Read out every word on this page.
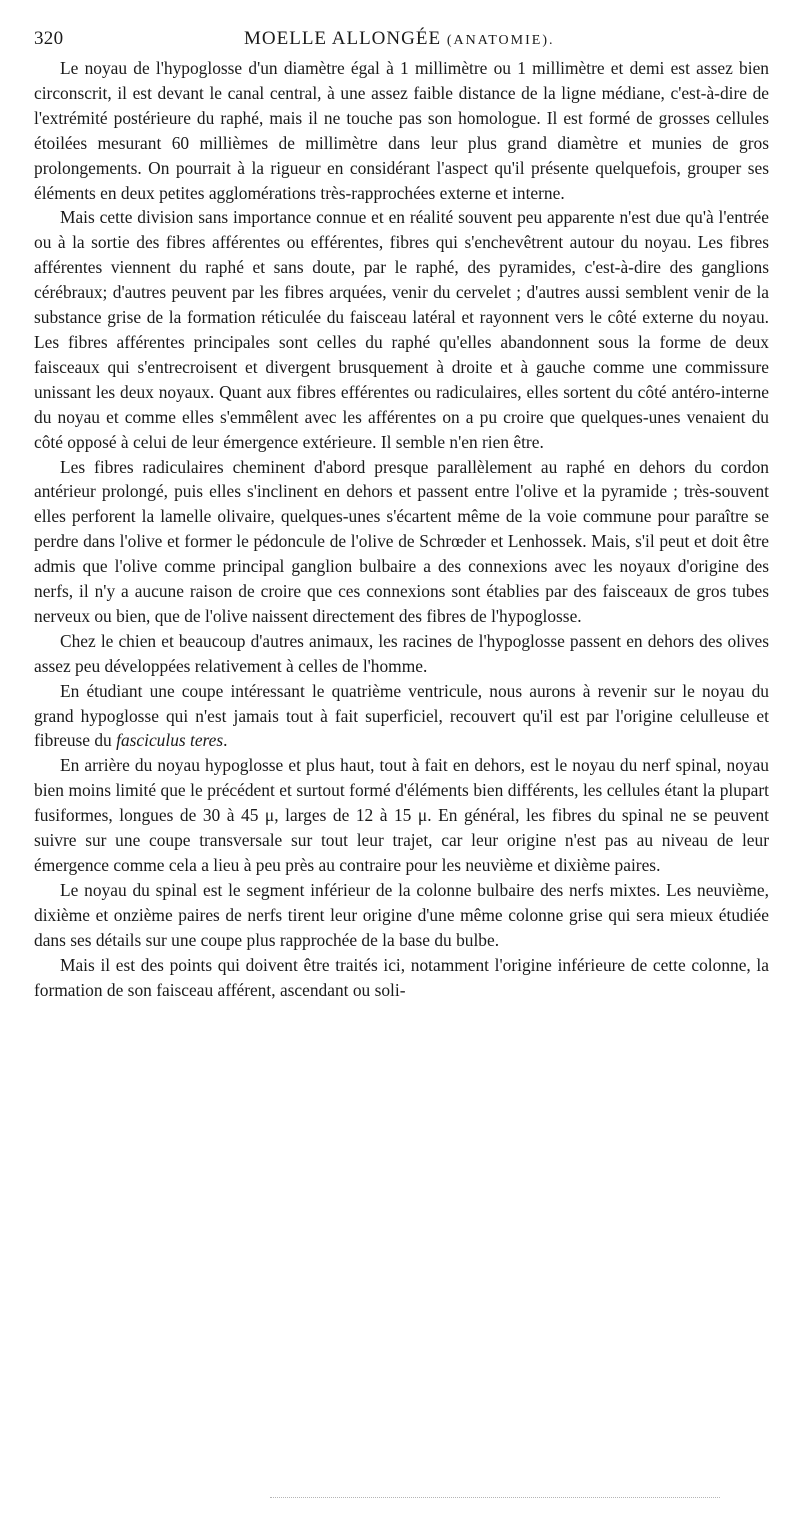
320	MOELLE ALLONGÉE (ANATOMIE).

Le noyau de l'hypoglosse d'un diamètre égal à 1 millimètre ou 1 millimètre et demi est assez bien circonscrit, il est devant le canal central, à une assez faible distance de la ligne médiane, c'est-à-dire de l'extrémité postérieure du raphé, mais il ne touche pas son homologue. Il est formé de grosses cellules étoilées mesurant 60 millièmes de millimètre dans leur plus grand diamètre et munies de gros prolongements. On pourrait à la rigueur en considérant l'aspect qu'il présente quelquefois, grouper ses éléments en deux petites agglomérations très-rapprochées externe et interne.

Mais cette division sans importance connue et en réalité souvent peu apparente n'est due qu'à l'entrée ou à la sortie des fibres afférentes ou efférentes, fibres qui s'enchevêtrent autour du noyau. Les fibres afférentes viennent du raphé et sans doute, par le raphé, des pyramides, c'est-à-dire des ganglions cérébraux; d'autres peuvent par les fibres arquées, venir du cervelet ; d'autres aussi semblent venir de la substance grise de la formation réticulée du faisceau latéral et rayonnent vers le côté externe du noyau. Les fibres afférentes principales sont celles du raphé qu'elles abandonnent sous la forme de deux faisceaux qui s'entrecroisent et divergent brusquement à droite et à gauche comme une commissure unissant les deux noyaux. Quant aux fibres efférentes ou radiculaires, elles sortent du côté antéro-interne du noyau et comme elles s'emmêlent avec les afférentes on a pu croire que quelques-unes venaient du côté opposé à celui de leur émergence extérieure. Il semble n'en rien être.

Les fibres radiculaires cheminent d'abord presque parallèlement au raphé en dehors du cordon antérieur prolongé, puis elles s'inclinent en dehors et passent entre l'olive et la pyramide ; très-souvent elles perforent la lamelle olivaire, quelques-unes s'écartent même de la voie commune pour paraître se perdre dans l'olive et former le pédoncule de l'olive de Schrœder et Lenhossek. Mais, s'il peut et doit être admis que l'olive comme principal ganglion bulbaire a des connexions avec les noyaux d'origine des nerfs, il n'y a aucune raison de croire que ces connexions sont établies par des faisceaux de gros tubes nerveux ou bien, que de l'olive naissent directement des fibres de l'hypoglosse.

Chez le chien et beaucoup d'autres animaux, les racines de l'hypoglosse passent en dehors des olives assez peu développées relativement à celles de l'homme.

En étudiant une coupe intéressant le quatrième ventricule, nous aurons à revenir sur le noyau du grand hypoglosse qui n'est jamais tout à fait superficiel, recouvert qu'il est par l'origine celulleuse et fibreuse du fasciculus teres.

En arrière du noyau hypoglosse et plus haut, tout à fait en dehors, est le noyau du nerf spinal, noyau bien moins limité que le précédent et surtout formé d'éléments bien différents, les cellules étant la plupart fusiformes, longues de 30 à 45 μ, larges de 12 à 15 μ. En général, les fibres du spinal ne se peuvent suivre sur une coupe transversale sur tout leur trajet, car leur origine n'est pas au niveau de leur émergence comme cela a lieu à peu près au contraire pour les neuvième et dixième paires.

Le noyau du spinal est le segment inférieur de la colonne bulbaire des nerfs mixtes. Les neuvième, dixième et onzième paires de nerfs tirent leur origine d'une même colonne grise qui sera mieux étudiée dans ses détails sur une coupe plus rapprochée de la base du bulbe.

Mais il est des points qui doivent être traités ici, notamment l'origine inférieure de cette colonne, la formation de son faisceau afférent, ascendant ou soli-
